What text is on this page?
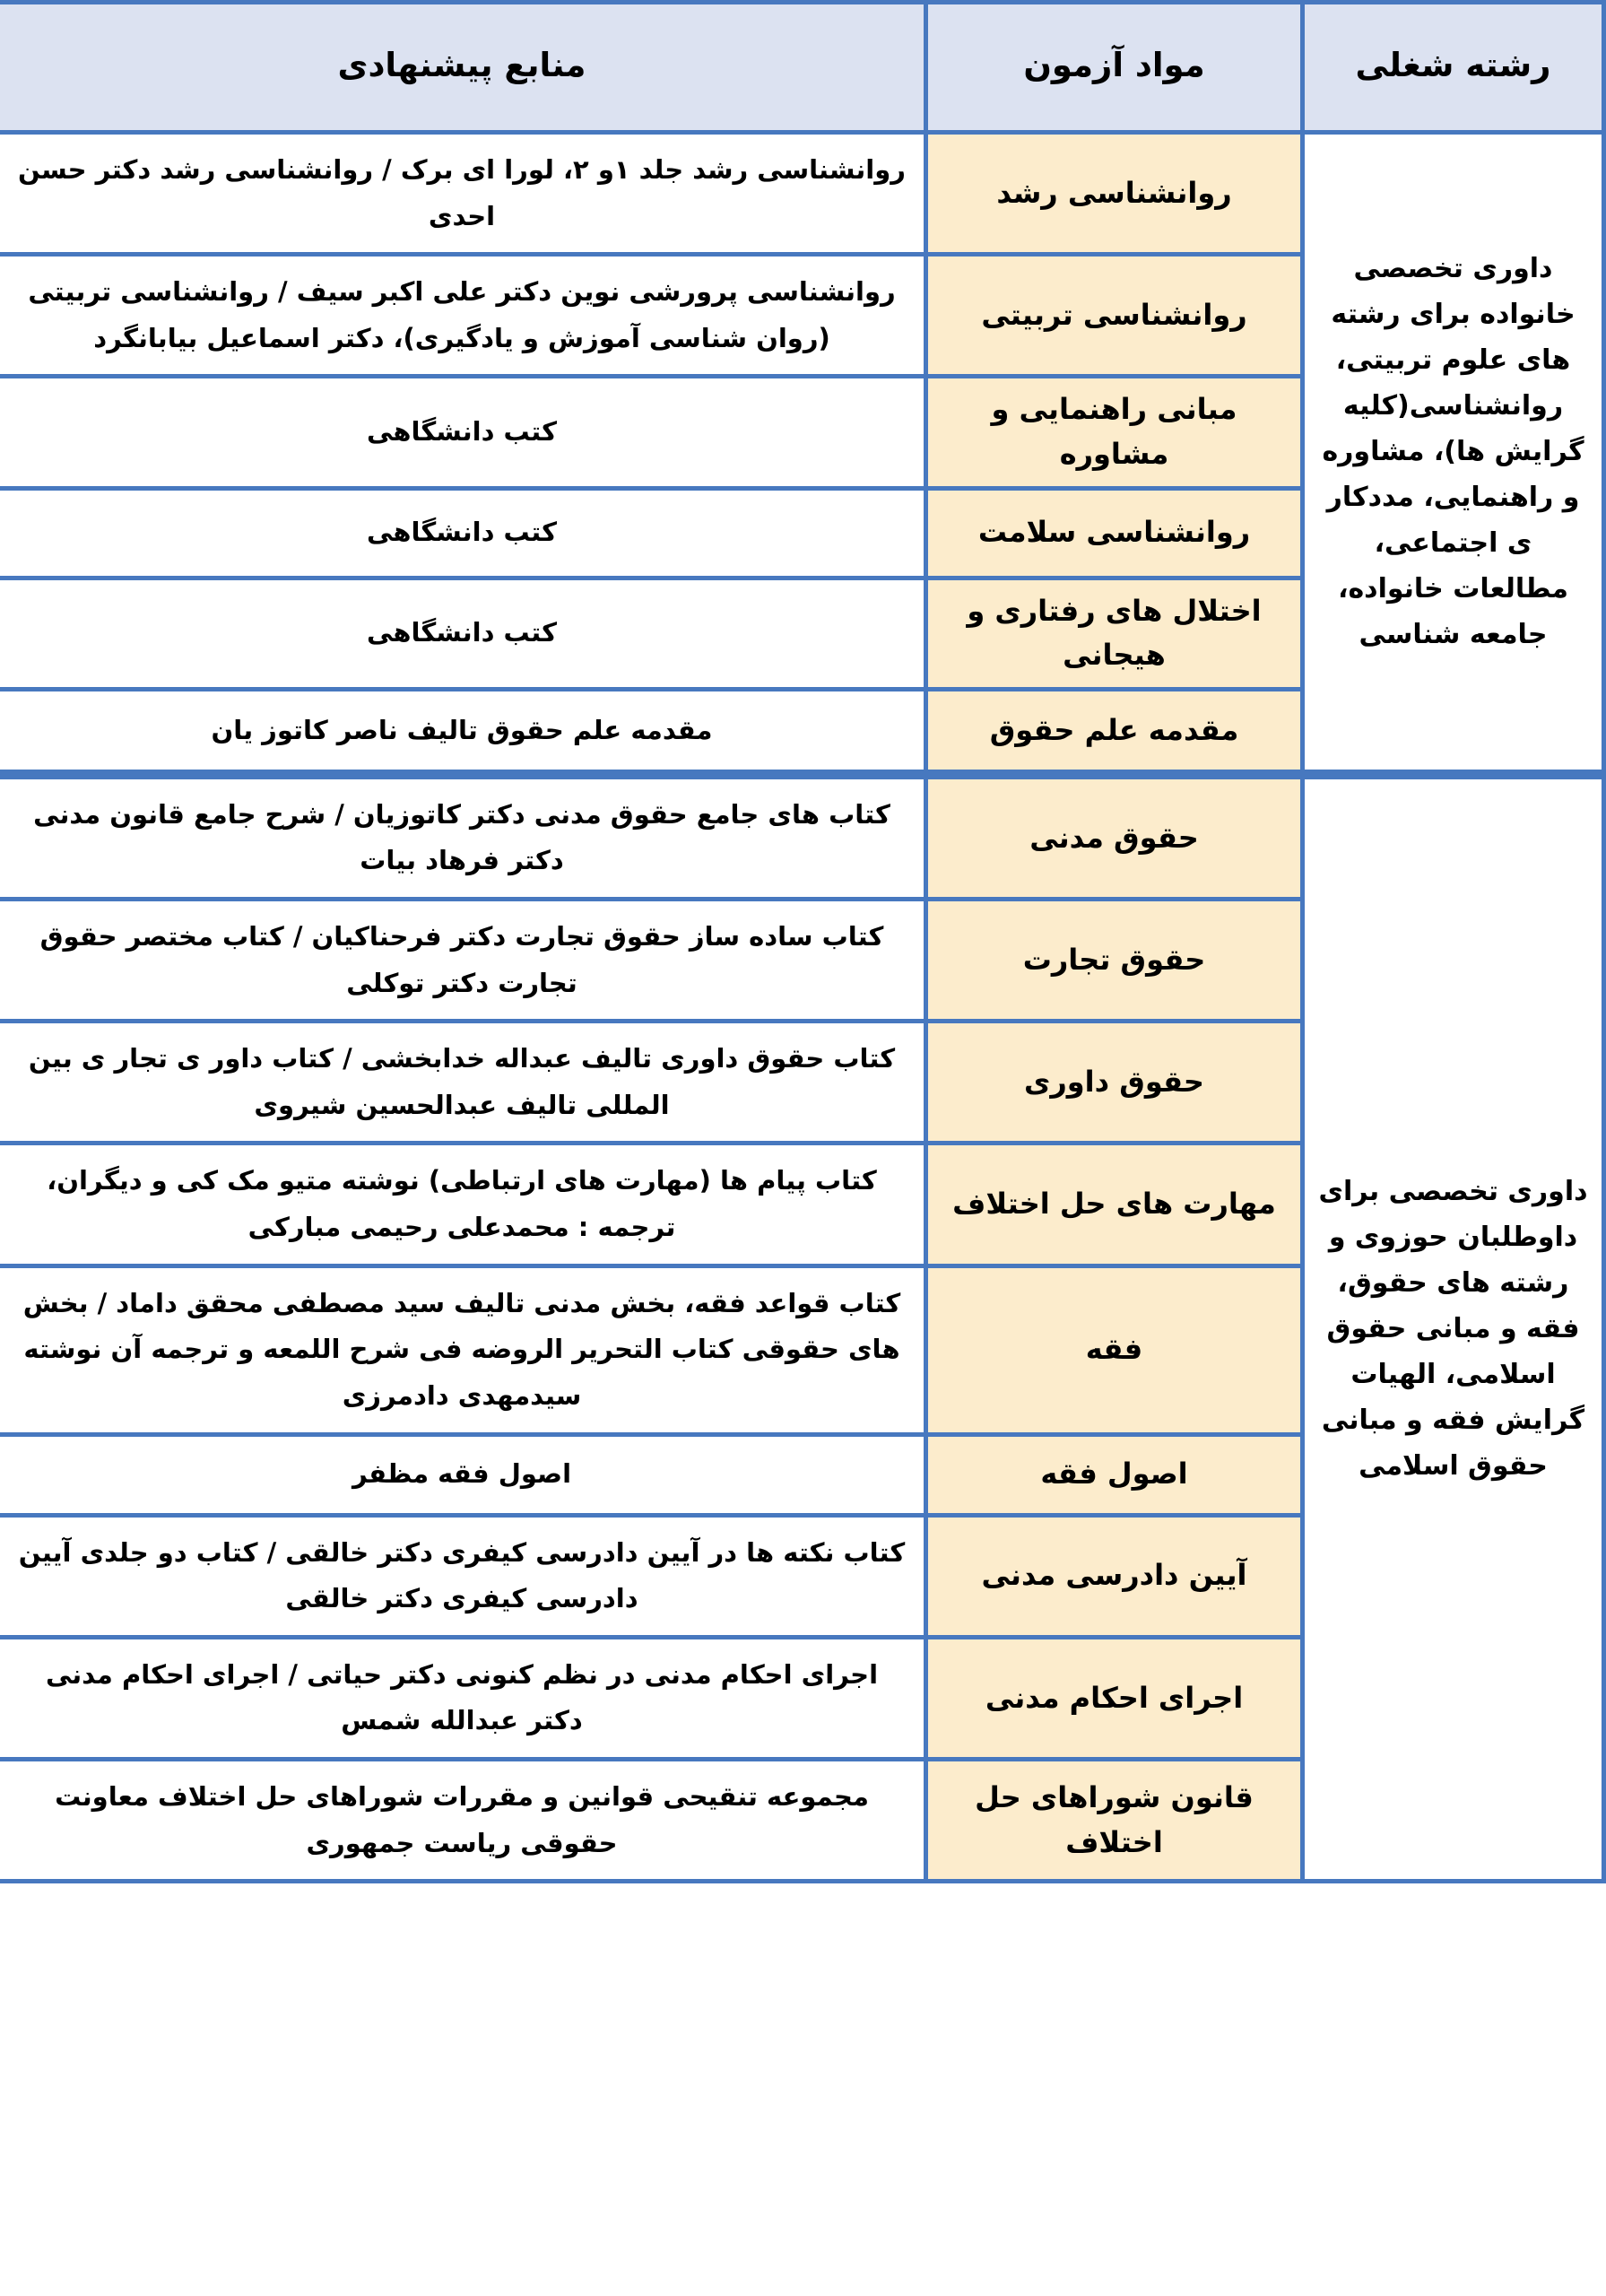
رشته شغلی	مواد آزمون	منابع پیشنهادی
داوری تخصصی خانواده برای رشته های علوم تربیتی، روانشناسی(کلیه گرایش ها)، مشاوره و راهنمایی، مددکار ی اجتماعی، مطالعات خانواده، جامعه شناسی	روانشناسی رشد	روانشناسی رشد جلد ۱و ۲، لورا ای برک / روانشناسی رشد دکتر حسن احدی
	روانشناسی تربیتی	روانشناسی پرورشی نوین دکتر علی اکبر سیف / روانشناسی تربیتی (روان شناسی آموزش و یادگیری)، دکتر اسماعیل بیابانگرد
	مبانی راهنمایی و مشاوره	کتب دانشگاهی
	روانشناسی سلامت	کتب دانشگاهی
	اختلال های رفتاری و هیجانی	کتب دانشگاهی
	مقدمه علم حقوق	مقدمه علم حقوق تالیف ناصر کاتوز یان
داوری تخصصی برای داوطلبان حوزوی و رشته های حقوق، فقه و مبانی حقوق اسلامی، الهیات گرایش فقه و مبانی حقوق اسلامی	حقوق مدنی	کتاب های جامع حقوق مدنی دکتر کاتوزیان / شرح جامع قانون مدنی دکتر فرهاد بیات
	حقوق تجارت	کتاب ساده ساز حقوق تجارت دکتر فرحناکیان / کتاب مختصر حقوق تجارت دکتر توکلی
	حقوق داوری	کتاب حقوق داوری تالیف عبداله خدابخشی / کتاب داور ی تجار ی بین المللی تالیف عبدالحسین شیروی
	مهارت های حل اختلاف	کتاب پیام ها (مهارت های ارتباطی) نوشته متیو مک کی و دیگران، ترجمه : محمدعلی رحیمی مبارکی
	فقه	کتاب قواعد فقه، بخش مدنی تالیف سید مصطفی محقق داماد / بخش های حقوقی کتاب التحریر الروضه فی شرح اللمعه و ترجمه آن نوشته سیدمهدی دادمرزی
	اصول فقه	اصول فقه مظفر
	آیین دادرسی مدنی	کتاب نکته ها در آیین دادرسی کیفری دکتر خالقی / کتاب دو جلدی آیین دادرسی کیفری دکتر خالقی
	اجرای احکام مدنی	اجرای احکام مدنی در نظم کنونی دکتر حیاتی / اجرای احکام مدنی دکتر عبدالله شمس
	قانون شوراهای حل اختلاف	مجموعه تنقیحی قوانین و مقررات شوراهای حل اختلاف معاونت حقوقی ریاست جمهوری
